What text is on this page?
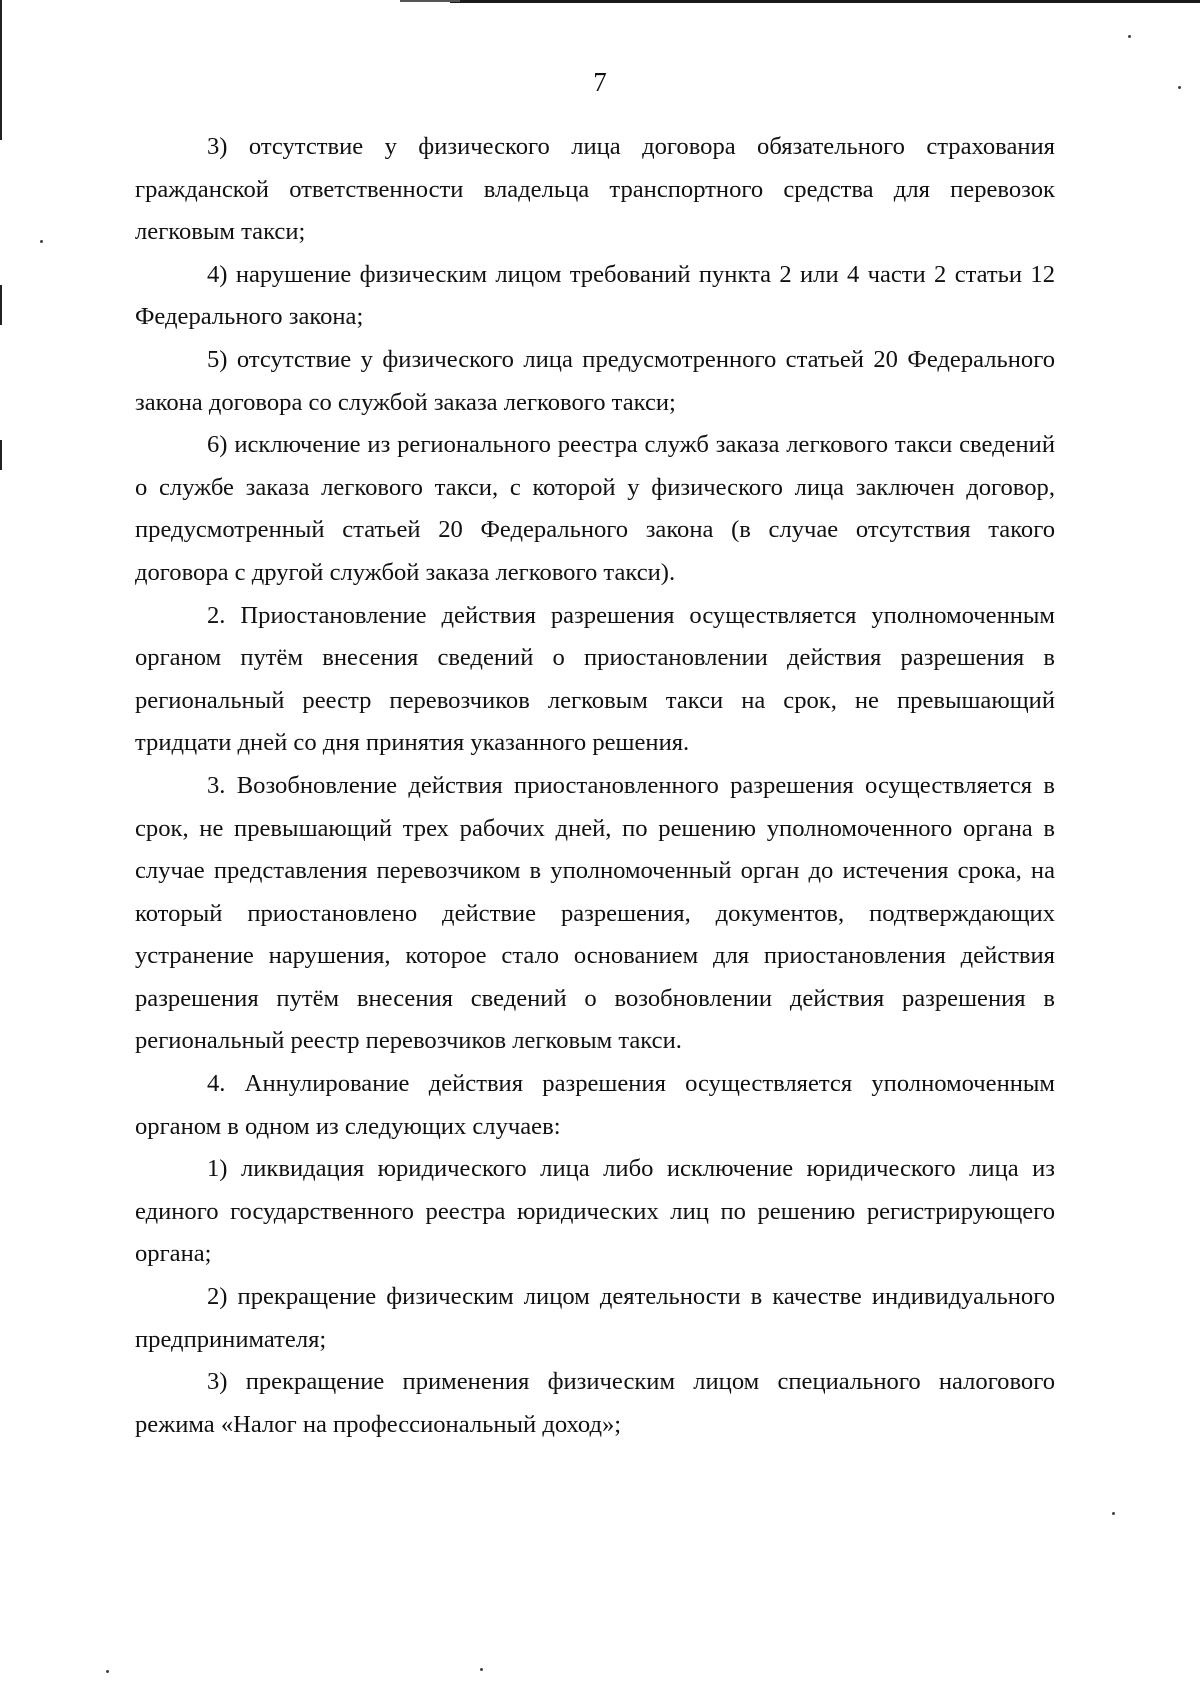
7

3) отсутствие у физического лица договора обязательного страхования гражданской ответственности владельца транспортного средства для перевозок легковым такси;

4) нарушение физическим лицом требований пункта 2 или 4 части 2 статьи 12 Федерального закона;

5) отсутствие у физического лица предусмотренного статьей 20 Федерального закона договора со службой заказа легкового такси;

6) исключение из регионального реестра служб заказа легкового такси сведений о службе заказа легкового такси, с которой у физического лица заключен договор, предусмотренный статьей 20 Федерального закона (в случае отсутствия такого договора с другой службой заказа легкового такси).

2. Приостановление действия разрешения осуществляется уполномоченным органом путём внесения сведений о приостановлении действия разрешения в региональный реестр перевозчиков легковым такси на срок, не превышающий тридцати дней со дня принятия указанного решения.

3. Возобновление действия приостановленного разрешения осуществляется в срок, не превышающий трех рабочих дней, по решению уполномоченного органа в случае представления перевозчиком в уполномоченный орган до истечения срока, на который приостановлено действие разрешения, документов, подтверждающих устранение нарушения, которое стало основанием для приостановления действия разрешения путём внесения сведений о возобновлении действия разрешения в региональный реестр перевозчиков легковым такси.

4. Аннулирование действия разрешения осуществляется уполномоченным органом в одном из следующих случаев:

1) ликвидация юридического лица либо исключение юридического лица из единого государственного реестра юридических лиц по решению регистрирующего органа;

2) прекращение физическим лицом деятельности в качестве индивидуального предпринимателя;

3) прекращение применения физическим лицом специального налогового режима «Налог на профессиональный доход»;
